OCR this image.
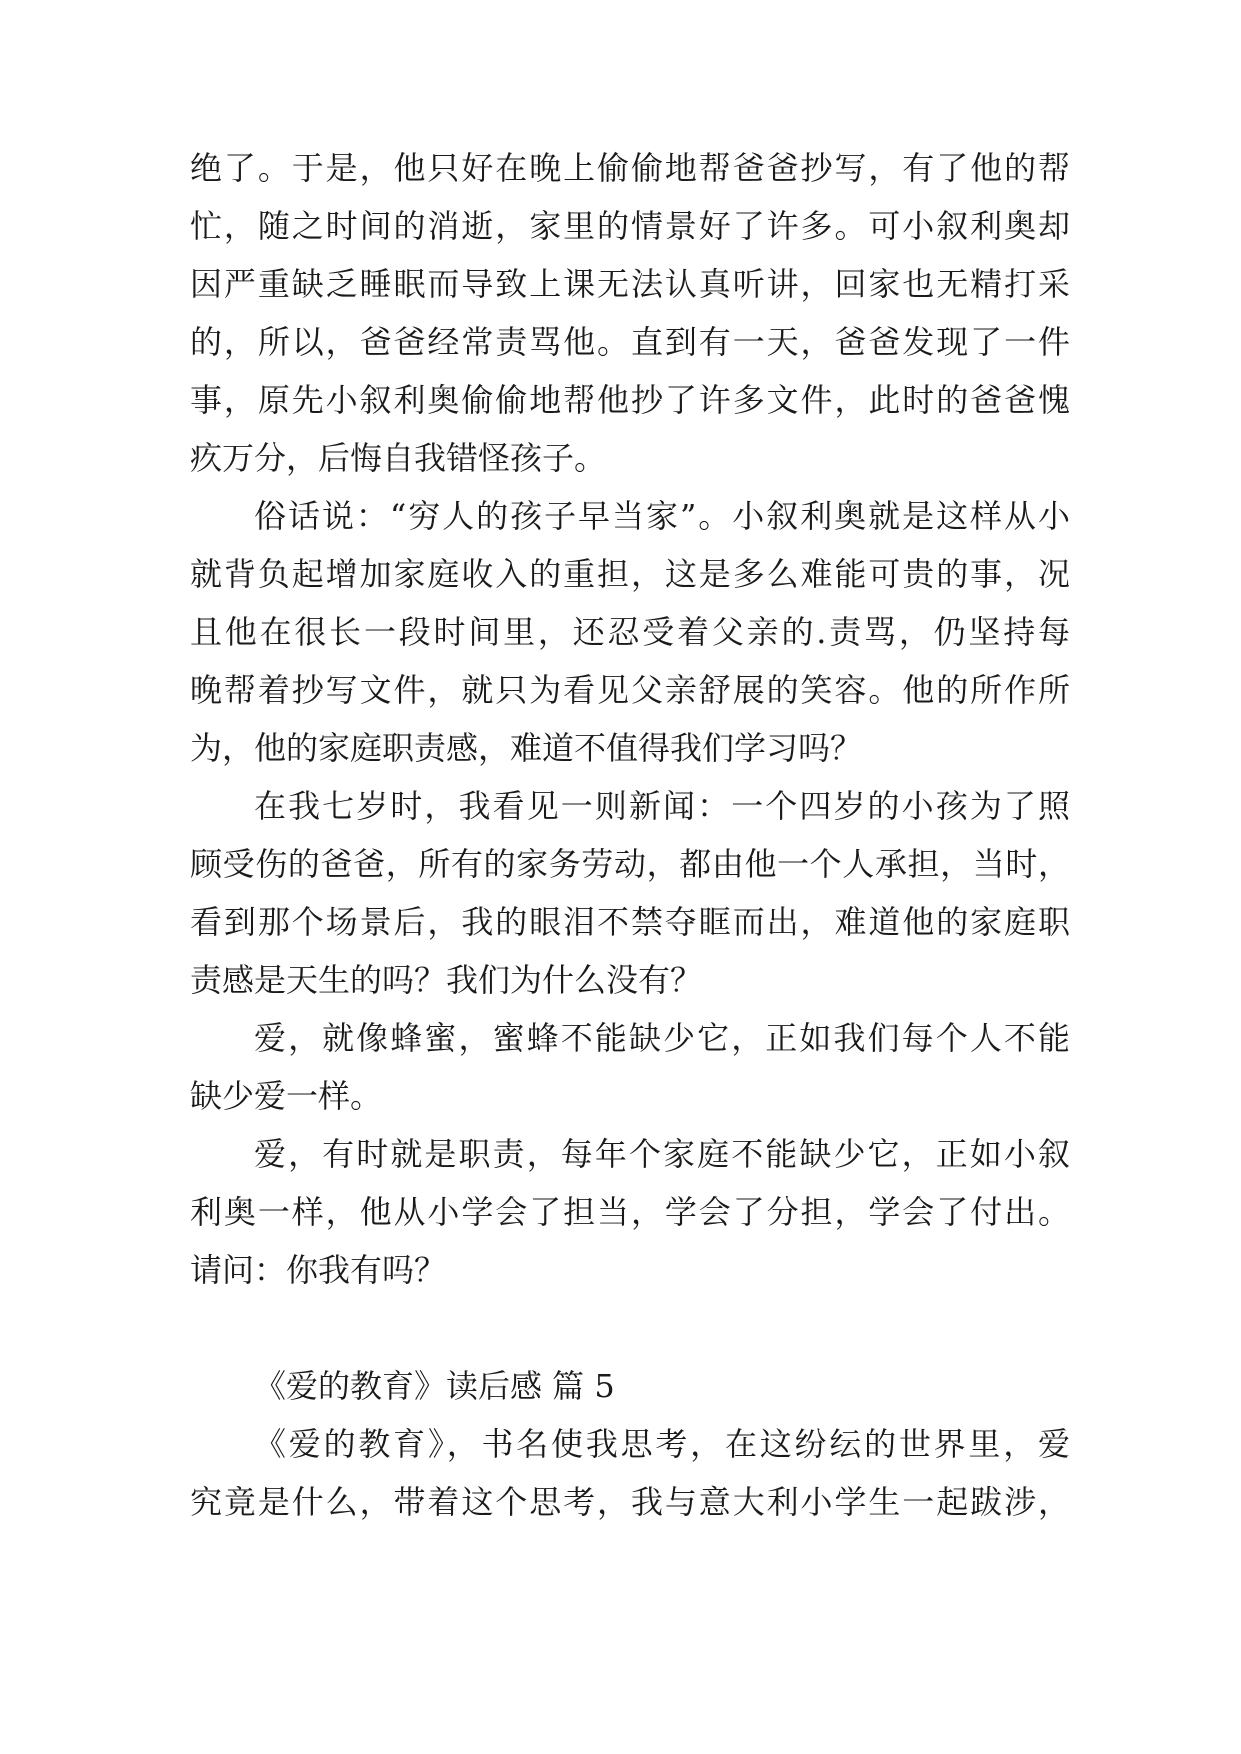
绝了。于是，他只好在晚上偷偷地帮爸爸抄写，有了他的帮
忙，随之时间的消逝，家里的情景好了许多。可小叙利奥却
因严重缺乏睡眠而导致上课无法认真听讲，回家也无精打采
的，所以，爸爸经常责骂他。直到有一天，爸爸发现了一件
事，原先小叙利奥偷偷地帮他抄了许多文件，此时的爸爸愧
疚万分，后悔自我错怪孩子。
俗话说：“穷人的孩子早当家”。小叙利奥就是这样从小
就背负起增加家庭收入的重担，这是多么难能可贵的事，况
且他在很长一段时间里，还忍受着父亲的.责骂，仍坚持每
晚帮着抄写文件，就只为看见父亲舒展的笑容。他的所作所
为，他的家庭职责感，难道不值得我们学习吗？
在我七岁时，我看见一则新闻：一个四岁的小孩为了照
顾受伤的爸爸，所有的家务劳动，都由他一个人承担，当时，
看到那个场景后，我的眼泪不禁夺眶而出，难道他的家庭职
责感是天生的吗？我们为什么没有？
爱，就像蜂蜜，蜜蜂不能缺少它，正如我们每个人不能
缺少爱一样。
爱，有时就是职责，每年个家庭不能缺少它，正如小叙
利奥一样，他从小学会了担当，学会了分担，学会了付出。
请问：你我有吗？
《爱的教育》读后感 篇 5
《爱的教育》，书名使我思考，在这纷纭的世界里，爱
究竟是什么，带着这个思考，我与意大利小学生一起跋涉，
